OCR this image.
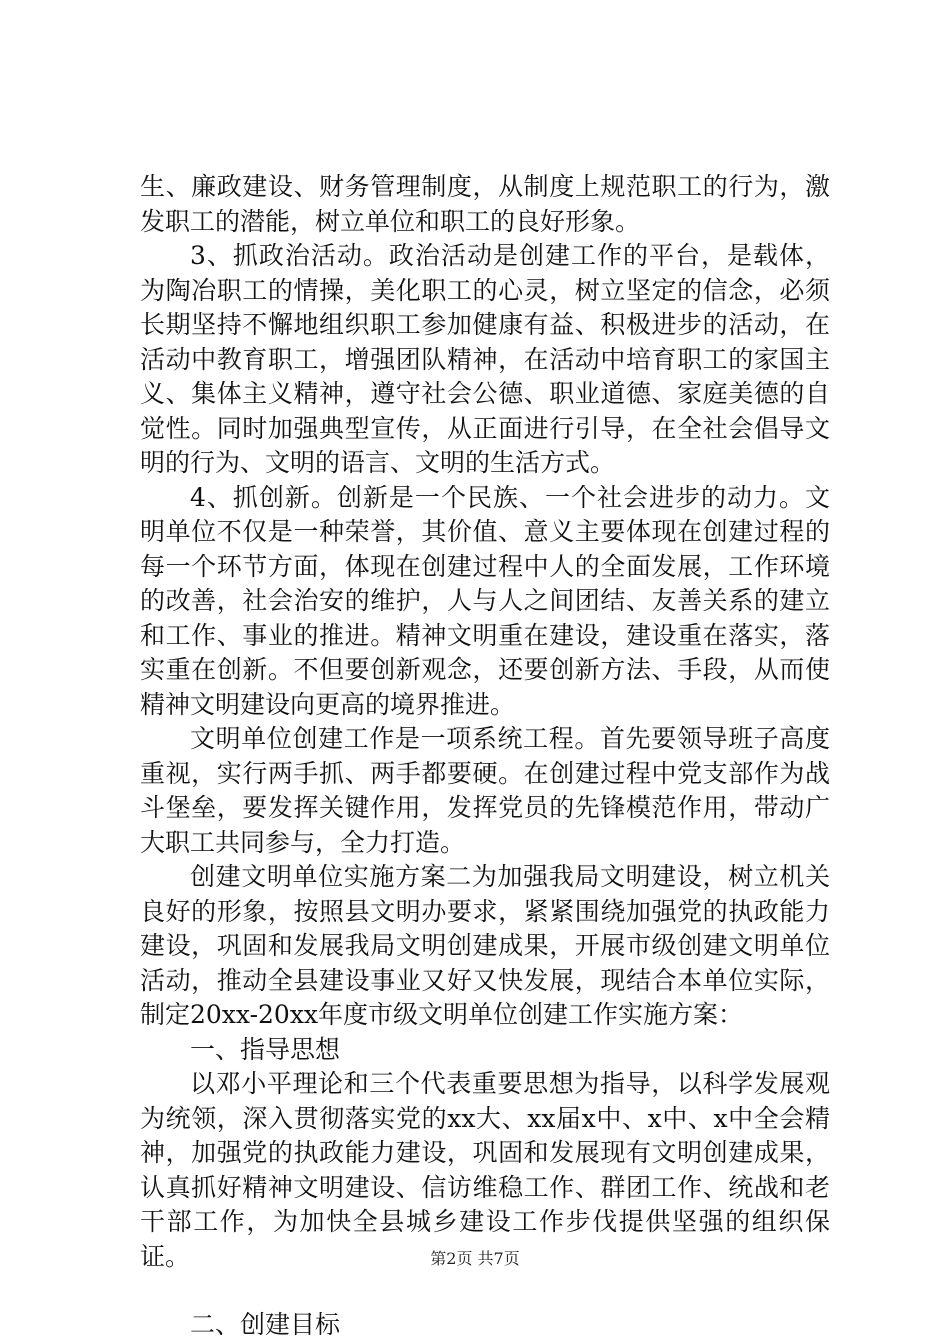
生、廉政建设、财务管理制度，从制度上规范职工的行为，激发职工的潜能，树立单位和职工的良好形象。

3、抓政治活动。政治活动是创建工作的平台，是载体，为陶冶职工的情操，美化职工的心灵，树立坚定的信念，必须长期坚持不懈地组织职工参加健康有益、积极进步的活动，在活动中教育职工，增强团队精神，在活动中培育职工的家国主义、集体主义精神，遵守社会公德、职业道德、家庭美德的自觉性。同时加强典型宣传，从正面进行引导，在全社会倡导文明的行为、文明的语言、文明的生活方式。

4、抓创新。创新是一个民族、一个社会进步的动力。文明单位不仅是一种荣誉，其价值、意义主要体现在创建过程的每一个环节方面，体现在创建过程中人的全面发展，工作环境的改善，社会治安的维护，人与人之间团结、友善关系的建立和工作、事业的推进。精神文明重在建设，建设重在落实，落实重在创新。不但要创新观念，还要创新方法、手段，从而使精神文明建设向更高的境界推进。

文明单位创建工作是一项系统工程。首先要领导班子高度重视，实行两手抓、两手都要硬。在创建过程中党支部作为战斗堡垒，要发挥关键作用，发挥党员的先锋模范作用，带动广大职工共同参与，全力打造。

创建文明单位实施方案二为加强我局文明建设，树立机关良好的形象，按照县文明办要求，紧紧围绕加强党的执政能力建设，巩固和发展我局文明创建成果，开展市级创建文明单位活动，推动全县建设事业又好又快发展，现结合本单位实际，制定20xx-20xx年度市级文明单位创建工作实施方案：

一、指导思想

以邓小平理论和三个代表重要思想为指导，以科学发展观为统领，深入贯彻落实党的xx大、xx届x中、x中、x中全会精神，加强党的执政能力建设，巩固和发展现有文明创建成果，认真抓好精神文明建设、信访维稳工作、群团工作、统战和老干部工作，为加快全县城乡建设工作步伐提供坚强的组织保证。

二、创建目标

第2页 共7页
